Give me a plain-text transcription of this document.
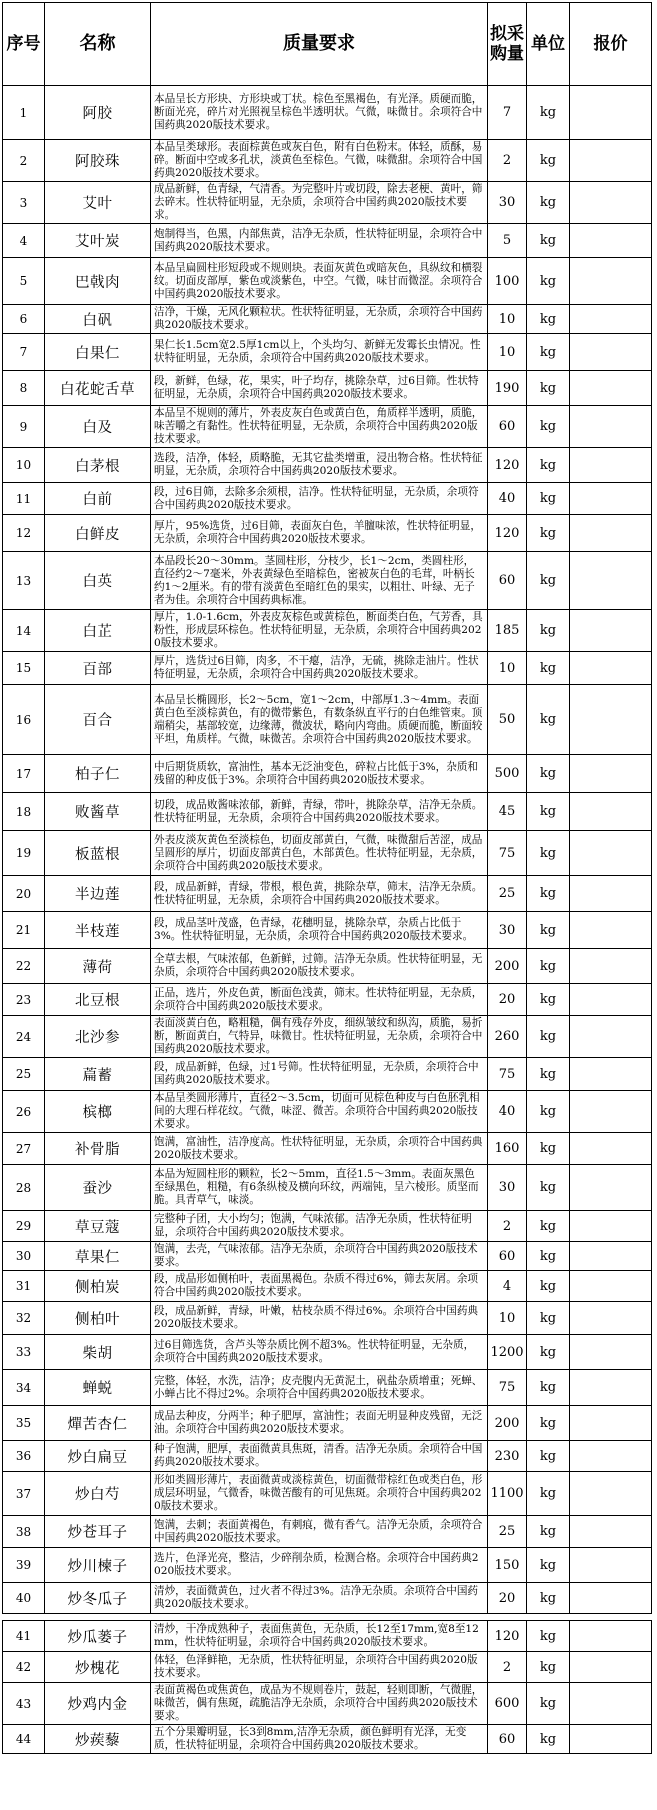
序号	名称	质量要求	拟采购量	单位	报价
1	阿胶	本品呈长方形块、方形块或丁状。棕色至黑褐色，有光泽。质硬而脆，断面光亮，碎片对光照视呈棕色半透明状。气微，味微甘。余项符合中国药典2020版技术要求。	7	kg	
2	阿胶珠	本品呈类球形。表面棕黄色或灰白色，附有白色粉末。体轻，质酥，易碎。断面中空或多孔状，淡黄色至棕色。气微，味微甜。余项符合中国药典2020版技术要求。	2	kg	
3	艾叶	成品新鲜，色青绿，气清香。为完整叶片或切段，除去老梗、黄叶，筛去碎末。性状特征明显，无杂质，余项符合中国药典2020版技术要求。	30	kg	
4	艾叶炭	炮制得当，色黑，内部焦黄，洁净无杂质，性状特征明显，余项符合中国药典2020版技术要求。	5	kg	
5	巴戟肉	本品呈扁圆柱形短段或不规则块。表面灰黄色或暗灰色，具纵纹和横裂纹。切面皮部厚，紫色或淡紫色，中空。气微，味甘而微涩。余项符合中国药典2020版技术要求。	100	kg	
6	白矾	洁净，干燥，无风化颗粒状。性状特征明显，无杂质，余项符合中国药典2020版技术要求。	10	kg	
7	白果仁	果仁长1.5cm宽2.5厚1cm以上，个头均匀、新鲜无发霉长虫情况。性状特征明显，无杂质，余项符合中国药典2020版技术要求。	10	kg	
8	白花蛇舌草	段，新鲜，色绿，花，果实，叶子均存，挑除杂草，过6目筛。性状特征明显，无杂质，余项符合中国药典2020版技术要求。	190	kg	
9	白及	本品呈不规则的薄片，外表皮灰白色或黄白色，角质样半透明，质脆，味苦嚼之有黏性。性状特征明显，无杂质，余项符合中国药典2020版技术要求。	60	kg	
10	白茅根	选段，洁净，体轻，质略脆，无其它盐类增重，浸出物合格。性状特征明显，无杂质，余项符合中国药典2020版技术要求。	120	kg	
11	白前	段，过6目筛，去除多余须根，洁净。性状特征明显，无杂质，余项符合中国药典2020版技术要求。	40	kg	
12	白鲜皮	厚片，95%选货，过6目筛，表面灰白色，羊膻味浓，性状特征明显，无杂质，余项符合中国药典2020版技术要求。	120	kg	
13	白英	本品段长20～30mm。茎圆柱形，分枝少，长1～2cm，类圆柱形，直径约2～7毫米，外表黄绿色至暗棕色，密被灰白色的毛茸，叶柄长约1～2厘米。有的带有淡黄色至暗红色的果实，以粗壮、叶绿、无子者为佳。余项符合中国药典标准。	60	kg	
14	白芷	厚片，1.0-1.6cm，外表皮灰棕色或黄棕色，断面类白色，气芳香，具粉性，形成层环棕色。性状特征明显，无杂质，余项符合中国药典2020版技术要求。	185	kg	
15	百部	厚片，选货过6目筛，肉多，不干瘪，洁净，无硫，挑除走油片。性状特征明显，无杂质，余项符合中国药典2020版技术要求。	10	kg	
16	百合	本品呈长椭圆形，长2～5cm，宽1～2cm，中部厚1.3～4mm。表面黄白色至淡棕黄色，有的微带紫色，有数条纵直平行的白色维管束。顶端稍尖，基部较宽，边缘薄，微波状，略向内弯曲。质硬而脆，断面较平坦，角质样。气微，味微苦。余项符合中国药典2020版技术要求。	50	kg	
17	柏子仁	中后期货质软，富油性，基本无泛油变色，碎粒占比低于3%，杂质和残留的种皮低于3%。余项符合中国药典2020版技术要求。	500	kg	
18	败酱草	切段，成品败酱味浓郁，新鲜，青绿，带叶，挑除杂草，洁净无杂质。性状特征明显，无杂质，余项符合中国药典2020版技术要求。	45	kg	
19	板蓝根	外表皮淡灰黄色至淡棕色，切面皮部黄白，气微，味微甜后苦涩，成品呈圆形的厚片，切面皮部黄白色，木部黄色。性状特征明显，无杂质，余项符合中国药典2020版技术要求。	75	kg	
20	半边莲	段，成品新鲜，青绿，带根，根色黄，挑除杂草，筛末，洁净无杂质。性状特征明显，无杂质，余项符合中国药典2020版技术要求。	25	kg	
21	半枝莲	段，成品茎叶茂盛，色青绿，花穗明显，挑除杂草，杂质占比低于3%。性状特征明显，无杂质，余项符合中国药典2020版技术要求。	30	kg	
22	薄荷	全草去根，气味浓郁，色新鲜，过筛。洁净无杂质。性状特征明显，无杂质，余项符合中国药典2020版技术要求。	200	kg	
23	北豆根	正品，选片，外皮色黄，断面色浅黄，筛末。性状特征明显，无杂质，余项符合中国药典2020版技术要求。	20	kg	
24	北沙参	表面淡黄白色，略粗糙，偶有残存外皮，细纵皱纹和纵沟，质脆，易折断，断面黄白，气特异，味微甘。性状特征明显，无杂质，余项符合中国药典2020版技术要求。	260	kg	
25	萹蓄	段，成品新鲜，色绿，过1号筛。性状特征明显，无杂质，余项符合中国药典2020版技术要求。	75	kg	
26	槟榔	本品呈类圆形薄片，直径2～3.5cm，切面可见棕色种皮与白色胚乳相间的大理石样花纹。气微，味涩、微苦。余项符合中国药典2020版技术要求。	40	kg	
27	补骨脂	饱满，富油性，洁净度高。性状特征明显，无杂质，余项符合中国药典2020版技术要求。	160	kg	
28	蚕沙	本品为短圆柱形的颗粒，长2～5mm，直径1.5～3mm。表面灰黑色至绿黑色，粗糙，有6条纵棱及横向环纹，两端钝，呈六棱形。质坚而脆。具青草气，味淡。	30	kg	
29	草豆蔻	完整种子团，大小均匀；饱满，气味浓郁。洁净无杂质，性状特征明显，余项符合中国药典2020版技术要求。	2	kg	
30	草果仁	饱满，去壳，气味浓郁。洁净无杂质，余项符合中国药典2020版技术要求。	60	kg	
31	侧柏炭	段，成品形如侧柏叶，表面黑褐色。杂质不得过6%，筛去灰屑。余项符合中国药典2020版技术要求。	4	kg	
32	侧柏叶	段，成品新鲜，青绿，叶嫩，枯枝杂质不得过6%。余项符合中国药典2020版技术要求。	10	kg	
33	柴胡	过6目筛选货，含芦头等杂质比例不超3%。性状特征明显，无杂质，余项符合中国药典2020版技术要求。	1200	kg	
34	蝉蜕	完整，体轻，水洗，洁净；皮壳腹内无黄泥土，矾盐杂质增重；死蝉、小蝉占比不得过2%。余项符合中国药典2020版技术要求。	75	kg	
35	燀苦杏仁	成品去种皮，分两半；种子肥厚，富油性；表面无明显种皮残留，无泛油。余项符合中国药典2020版技术要求。	200	kg	
36	炒白扁豆	种子饱满，肥厚，表面微黄具焦斑，清香。洁净无杂质。余项符合中国药典2020版技术要求。	230	kg	
37	炒白芍	形如类圆形薄片，表面微黄或淡棕黄色，切面微带棕红色或类白色，形成层环明显，气微香，味微苦酸有的可见焦斑。余项符合中国药典2020版技术要求。	1100	kg	
38	炒苍耳子	饱满，去刺；表面黄褐色，有刺痕，微有香气。洁净无杂质，余项符合中国药典2020版技术要求。	25	kg	
39	炒川楝子	选片，色泽光亮，整洁，少碎削杂质，检测合格。余项符合中国药典2020版技术要求。	150	kg	
40	炒冬瓜子	清炒，表面微黄色，过火者不得过3%。洁净无杂质。余项符合中国药典2020版技术要求。	20	kg	

41	炒瓜蒌子	清炒，干净成熟种子，表面焦黄色，无杂质，长12至17mm,宽8至12mm，性状特征明显，余项符合中国药典2020版技术要求。	120	kg	
42	炒槐花	体轻，色泽鲜艳，无杂质，性状特征明显，余项符合中国药典2020版技术要求。	2	kg	
43	炒鸡内金	表面黄褐色或焦黄色，成品为不规则卷片，鼓起，轻则即断，气微腥，味微苦，偶有焦斑，疏脆洁净无杂质，余项符合中国药典2020版技术要求。	600	kg	
44	炒蒺藜	五个分果瓣明显，长3到8mm,洁净无杂质，颜色鲜明有光泽，无变质，性状特征明显，余项符合中国药典2020版技术要求。	60	kg	
